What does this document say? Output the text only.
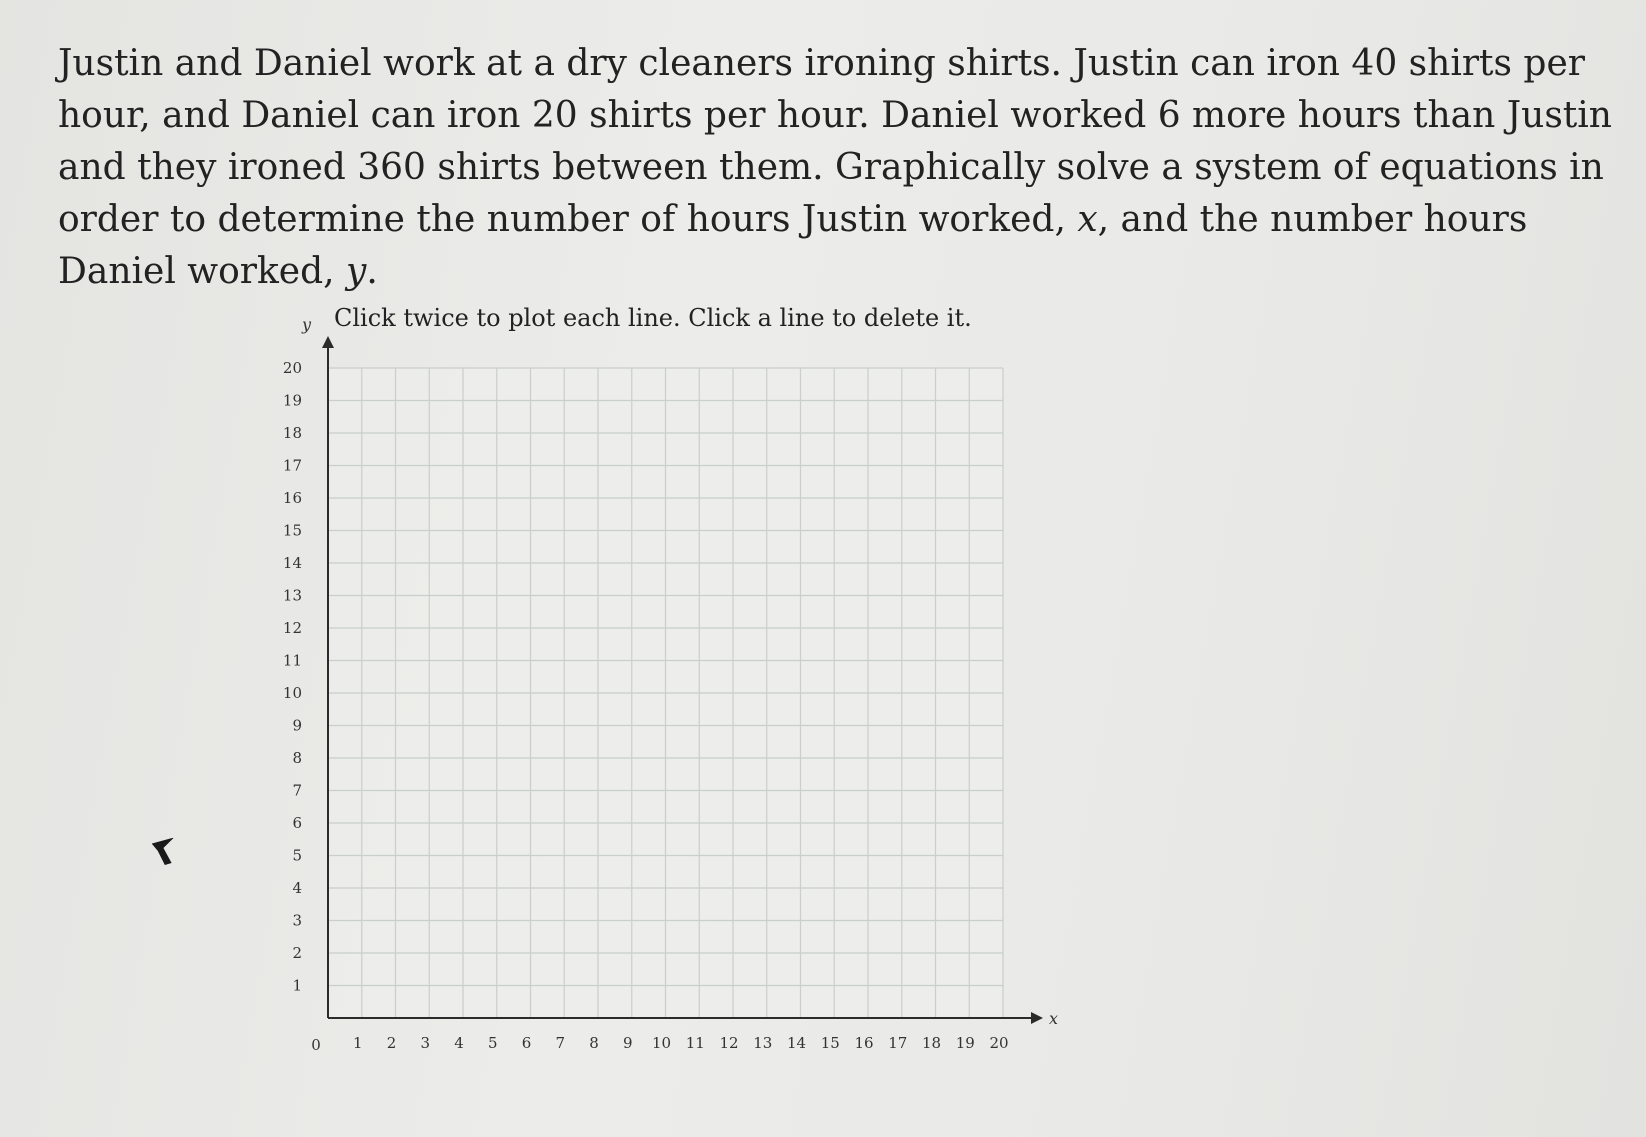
Justin and Daniel work at a dry cleaners ironing shirts. Justin can iron 40 shirts per hour, and Daniel can iron 20 shirts per hour. Daniel worked 6 more hours than Justin and they ironed 360 shirts between them. Graphically solve a system of equations in order to determine the number of hours Justin worked, 𝑥, and the number hours Daniel worked, 𝑦.

Click twice to plot each line. Click a line to delete it.
x
y
0 1 2 3 4 5 6 7 8 9 10 11 12 13 14 15 16 17 18 19 20
1
2
3
4
5
6
7
8
9
10
11
12
13
14
15
16
17
18
19
20
